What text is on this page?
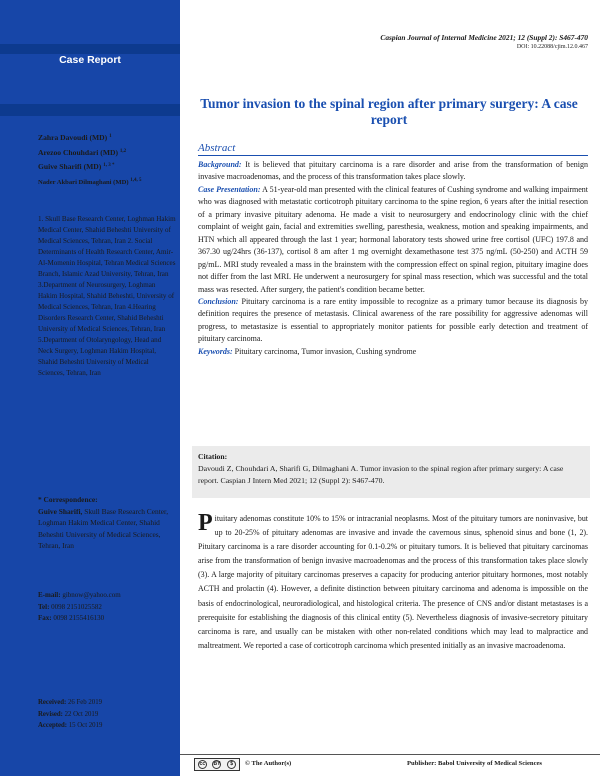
Case Report
Zahra Davoudi (MD) $^1$
Arezoo Chouhdari (MD) $^{1,2}$
Guive Sharifi (MD) $^{1, 3 *}$
Nader Akbari Dilmaghani (MD) $^{1,4, 5}$
1. Skull Base Research Center, Loghman Hakim Medical Center, Shahid Beheshti University of Medical Sciences, Tehran, Iran 2. Social Determinants of Health Research Center, Amir-Al-Momenin Hospital, Tehran Medical Sciences Branch, Islamic Azad University, Tehran, Iran 3.Department of Neurosurgery, Loghman Hakim Hospital, Shahid Beheshti, University of Medical Sciences, Tehran, Iran 4.Hearing Disorders Research Center, Shahid Beheshti University of Medical Sciences, Tehran, Iran 5.Department of Otolaryngology, Head and Neck Surgery, Loghman Hakim Hospital, Shahid Beheshti University of Medical Sciences, Tehran, Iran
* Correspondence:
Guive Sharifi, Skull Base Research Center, Loghman Hakim Medical Center, Shahid Beheshti University of Medical Sciences, Tehran, Iran
E-mail: gibnow@yahoo.com
Tel: 0098 2151025582
Fax: 0098 2155416130
Received: 26 Feb 2019
Revised: 22 Oct 2019
Accepted: 15 Oct 2019
Caspian Journal of Internal Medicine 2021; 12 (Suppl 2): S467-470
DOI: 10.22088/cjim.12.0.467
Tumor invasion to the spinal region after primary surgery: A case report
Abstract

Background: It is believed that pituitary carcinoma is a rare disorder and arise from the transformation of benign invasive macroadenomas, and the process of this transformation takes place slowly.

Case Presentation: A 51-year-old man presented with the clinical features of Cushing syndrome and walking impairment who was diagnosed with metastatic corticotroph pituitary carcinoma to the spine region, 6 years after the initial resection of a primary invasive pituitary adenoma. He made a visit to neurosurgery and endocrinology clinic with the chief complaint of weight gain, facial and extremities swelling, paresthesia, weakness, motion and speaking impairments, and HTN which all appeared through the last 1 year; hormonal laboratory tests showed urine free cortisol (UFC) 197.8 and 367.30 ug/24hrs (36-137), cortisol 8 am after 1 mg overnight dexamethasone test 375 ng/mL (50-250) and ACTH 59 pg/mL. MRI study revealed a mass in the brainstem with the compression effect on spinal region, pituitary imagine does not differ from the last MRI. He underwent a neurosurgery for spinal mass resection, which was successful and the total mass was resected. After surgery, the patient's condition became better.

Conclusion: Pituitary carcinoma is a rare entity impossible to recognize as a primary tumor because its diagnosis by definition requires the presence of metastasis. Clinical awareness of the rare possibility for aggressive adenomas will progress, to metastasize is essential to appropriately monitor patients for possible early detection and treatment of pituitary carcinoma.

Keywords: Pituitary carcinoma, Tumor invasion, Cushing syndrome

Citation:
Davoudi Z, Chouhdari A, Sharifi G, Dilmaghani A. Tumor invasion to the spinal region after primary surgery: A case report. Caspian J Intern Med 2021; 12 (Suppl 2): S467-470.
Pituitary adenomas constitute 10% to 15% or intracranial neoplasms. Most of the pituitary tumors are noninvasive, but up to 20-25% of pituitary adenomas are invasive and invade the cavernous sinus, sphenoid sinus and bone (1, 2). Pituitary carcinoma is a rare disorder accounting for 0.1-0.2% or pituitary tumors. It is believed that pituitary carcinomas arise from the transformation of benign invasive macroadenomas and the process of this transformation takes place slowly (3). A large majority of pituitary carcinomas preserves a capacity for producing anterior pituitary hormones, most notably ACTH and prolactin (4). However, a definite distinction between pituitary carcinoma and adenoma is impossible on the basis of endocrinological, neuroradiological, and histological criteria. The presence of CNS and/or distant metastases is a prerequisite for establishing the diagnosis of this clinical entity (5). Nevertheless diagnosis of invasive-secretory pituitary carcinoma is rare, and usually can be mistaken with other non-related conditions which may lead to malpractice and maltreatment. We reported a case of corticotroph carcinoma which presented initially as an invasive macroadenoma.
cc	BY	$	© The Author(s)	Publisher: Babol University of Medical Sciences
